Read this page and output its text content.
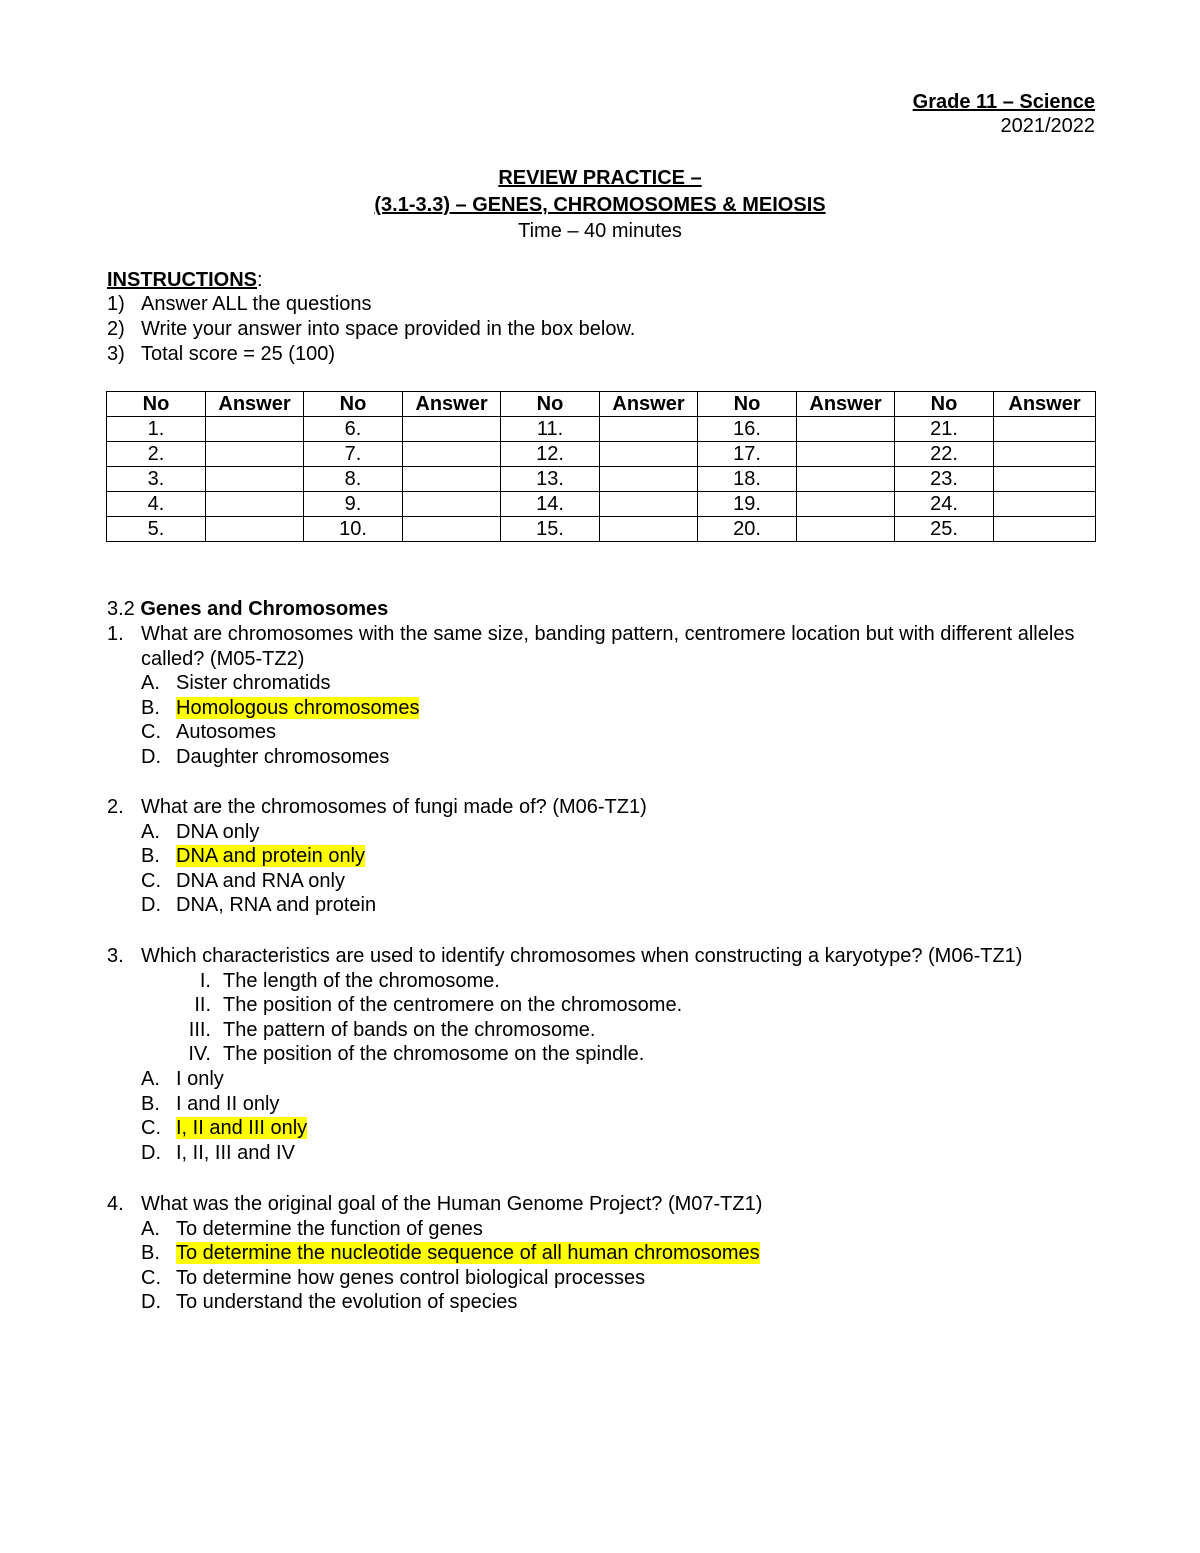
Grade 11 – Science
2021/2022
REVIEW PRACTICE –
(3.1-3.3) – GENES, CHROMOSOMES & MEIOSIS
Time – 40 minutes
INSTRUCTIONS:
1) Answer ALL the questions
2) Write your answer into space provided in the box below.
3) Total score = 25 (100)
No	Answer	No	Answer	No	Answer	No	Answer	No	Answer
1.		6.		11.		16.		21.	
2.		7.		12.		17.		22.	
3.		8.		13.		18.		23.	
4.		9.		14.		19.		24.	
5.		10.		15.		20.		25.	
3.2 Genes and Chromosomes
1. What are chromosomes with the same size, banding pattern, centromere location but with different alleles called? (M05-TZ2)
A. Sister chromatids
B. Homologous chromosomes
C. Autosomes
D. Daughter chromosomes
2. What are the chromosomes of fungi made of? (M06-TZ1)
A. DNA only
B. DNA and protein only
C. DNA and RNA only
D. DNA, RNA and protein
3. Which characteristics are used to identify chromosomes when constructing a karyotype? (M06-TZ1)
I. The length of the chromosome.
II. The position of the centromere on the chromosome.
III. The pattern of bands on the chromosome.
IV. The position of the chromosome on the spindle.
A. I only
B. I and II only
C. I, II and III only
D. I, II, III and IV
4. What was the original goal of the Human Genome Project? (M07-TZ1)
A. To determine the function of genes
B. To determine the nucleotide sequence of all human chromosomes
C. To determine how genes control biological processes
D. To understand the evolution of species
